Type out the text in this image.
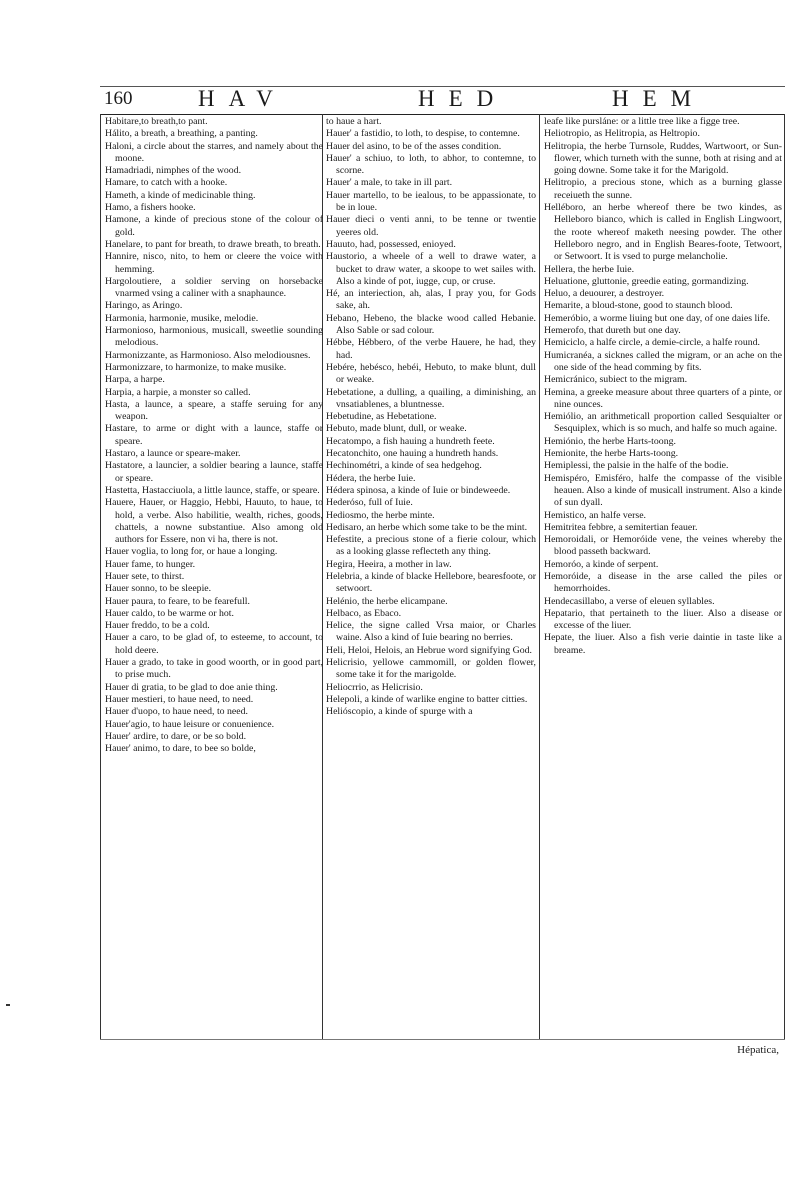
160	HAV	HED	HEM

Habitare,to breath,to pant.

Hálito, a breath, a breathing, a panting.

Haloni, a circle about the starres, and namely about the moone.

Hamadriadi, nimphes of the wood.

Hamare, to catch with a hooke.

Hameth, a kinde of medicinable thing.

Hamo, a fishers hooke.

Hamone, a kinde of precious stone of the colour of gold.

Hanelare, to pant for breath, to drawe breath, to breath.

Hannire, nisco, nito, to hem or cleere the voice with hemming.

Hargoloutiere, a soldier serving on horsebacke vnarmed vsing a caliner with a snaphaunce.

Haringo, as Aringo.

Harmonia, harmonie, musike, melodie.

Harmonioso, harmonious, musicall, sweetlie sounding melodious.

Harmonizzante, as Harmonioso. Also melodiousnes.

Harmonizzare, to harmonize, to make musike.

Harpa, a harpe.

Harpia, a harpie, a monster so called.

Hasta, a launce, a speare, a staffe seruing for any weapon.

Hastare, to arme or dight with a launce, staffe or speare.

Hastaro, a launce or speare-maker.

Hastatore, a launcier, a soldier bearing a launce, staffe or speare.

Hastetta, Hastacciuola, a little launce, staffe, or speare.

Hauere, Hauer, or Haggio, Hebbi, Hauuto, to haue, to hold, a verbe. Also habilitie, wealth, riches, goods, chattels, a nowne substantiue. Also among old authors for Essere, non vi ha, there is not.

Hauer voglia, to long for, or haue a longing.

Hauer fame, to hunger.

Hauer sete, to thirst.

Hauer sonno, to be sleepie.

Hauer paura, to feare, to be fearefull.

Hauer caldo, to be warme or hot.

Hauer freddo, to be a cold.

Hauer a caro, to be glad of, to esteeme, to account, to hold deere.

Hauer a grado, to take in good woorth, or in good part, to prise much.

Hauer di gratia, to be glad to doe anie thing.

Hauer mestieri, to haue need, to need.

Hauer d'uopo, to haue need, to need.

Hauer'agio, to haue leisure or conuenience.

Hauer' ardire, to dare, or be so bold.

Hauer' animo, to dare, to bee so bolde,

to haue a hart.

Hauer' a fastidio, to loth, to despise, to contemne.

Hauer del asino, to be of the asses condition.

Hauer' a schiuo, to loth, to abhor, to contemne, to scorne.

Hauer' a male, to take in ill part.

Hauer martello, to be iealous, to be appassionate, to be in loue.

Hauer dieci o venti anni, to be tenne or twentie yeeres old.

Hauuto, had, possessed, enioyed.

Haustorio, a wheele of a well to drawe water, a bucket to draw water, a skoope to wet sailes with. Also a kinde of pot, iugge, cup, or cruse.

Hé, an interiection, ah, alas, I pray you, for Gods sake, ah.

Hebano, Hebeno, the blacke wood called Hebanie. Also Sable or sad colour.

Hébbe, Hébbero, of the verbe Hauere, he had, they had.

Hebére, hebésco, hebéi, Hebuto, to make blunt, dull or weake.

Hebetatione, a dulling, a quailing, a diminishing, an vnsatiablenes, a bluntnesse.

Hebetudine, as Hebetatione.

Hebuto, made blunt, dull, or weake.

Hecatompo, a fish hauing a hundreth feete.

Hecatonchito, one hauing a hundreth hands.

Hechinométri, a kinde of sea hedgehog.

Hédera, the herbe Iuie.

Hédera spinosa, a kinde of Iuie or bindeweede.

Hederóso, full of Iuie.

Hediosmo, the herbe minte.

Hedisaro, an herbe which some take to be the mint.

Hefestite, a precious stone of a fierie colour, which as a looking glasse reflecteth any thing.

Hegira, Heeira, a mother in law.

Helebria, a kinde of blacke Hellebore, bearesfoote, or setwoort.

Helénio, the herbe elicampane.

Helbaco, as Ebaco.

Helice, the signe called Vrsa maior, or Charles waine. Also a kind of Iuie bearing no berries.

Heli, Heloi, Helois, an Hebrue word signifying God.

Helicrisio, yellowe cammomill, or golden flower, some take it for the marigolde.

Heliocrrio, as Helicrisio.

Helepoli, a kinde of warlike engine to batter citties.

Helióscopio, a kinde of spurge with a

leafe like pursláne: or a little tree like a figge tree.

Heliotropio, as Helitropia, as Heltropio.

Helitropia, the herbe Turnsole, Ruddes, Wartwoort, or Sun-flower, which turneth with the sunne, both at rising and at going downe. Some take it for the Marigold.

Helitropio, a precious stone, which as a burning glasse receiueth the sunne.

Helléboro, an herbe whereof there be two kindes, as Helleboro bianco, which is called in English Lingwoort, the roote whereof maketh neesing powder. The other Helleboro negro, and in English Beares-foote, Tetwoort, or Setwoort. It is vsed to purge melancholie.

Hellera, the herbe Iuie.

Heluatione, gluttonie, greedie eating, gormandizing.

Heluo, a deuourer, a destroyer.

Hemarite, a bloud-stone, good to staunch blood.

Hemeróbio, a worme liuing but one day, of one daies life.

Hemerofo, that dureth but one day.

Hemiciclo, a halfe circle, a demie-circle, a halfe round.

Humicranéa, a sicknes called the migram, or an ache on the one side of the head comming by fits.

Hemicránico, subiect to the migram.

Hemina, a greeke measure about three quarters of a pinte, or nine ounces.

Hemiólio, an arithmeticall proportion called Sesquialter or Sesquiplex, which is so much, and halfe so much againe.

Hemiónio, the herbe Harts-toong.

Hemionite, the herbe Harts-toong.

Hemiplessi, the palsie in the halfe of the bodie.

Hemispéro, Emisféro, halfe the compasse of the visible heauen. Also a kinde of musicall instrument. Also a kinde of sun dyall.

Hemistico, an halfe verse.

Hemitritea febbre, a semitertian feauer.

Hemoroidali, or Hemoróide vene, the veines whereby the blood passeth backward.

Hemoróo, a kinde of serpent.

Hemoróide, a disease in the arse called the piles or hemorrhoides.

Hendecasillabo, a verse of eleuen syllables.

Hepatario, that pertaineth to the liuer. Also a disease or excesse of the liuer.

Hepate, the liuer. Also a fish verie daintie in taste like a breame.

Hépatica,
